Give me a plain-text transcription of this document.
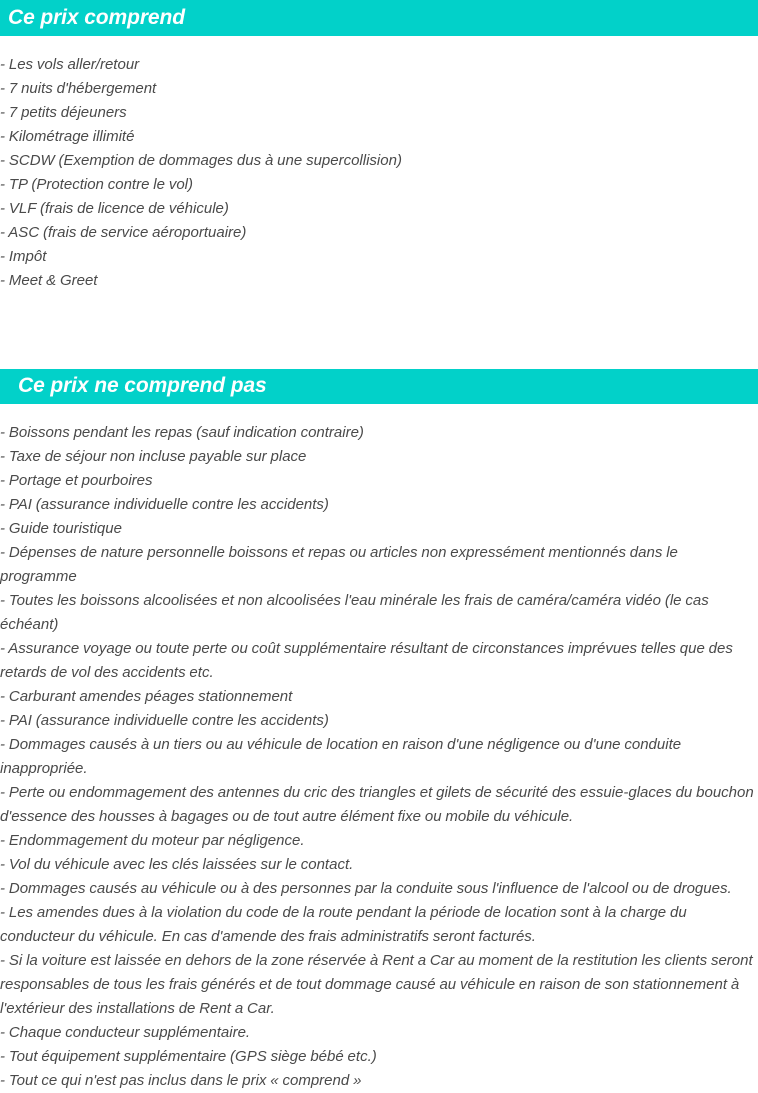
Ce prix comprend
- Les vols aller/retour
- 7 nuits d'hébergement
- 7 petits déjeuners
- Kilométrage illimité
- SCDW (Exemption de dommages dus à une supercollision)
- TP (Protection contre le vol)
- VLF (frais de licence de véhicule)
- ASC (frais de service aéroportuaire)
- Impôt
- Meet & Greet
Ce prix ne comprend pas
- Boissons pendant les repas (sauf indication contraire)
- Taxe de séjour non incluse payable sur place
- Portage et pourboires
- PAI (assurance individuelle contre les accidents)
- Guide touristique
- Dépenses de nature personnelle boissons et repas ou articles non expressément mentionnés dans le programme
- Toutes les boissons alcoolisées et non alcoolisées l'eau minérale les frais de caméra/caméra vidéo (le cas échéant)
- Assurance voyage ou toute perte ou coût supplémentaire résultant de circonstances imprévues telles que des retards de vol des accidents etc.
- Carburant amendes péages stationnement
- PAI (assurance individuelle contre les accidents)
- Dommages causés à un tiers ou au véhicule de location en raison d'une négligence ou d'une conduite inappropriée.
- Perte ou endommagement des antennes du cric des triangles et gilets de sécurité des essuie-glaces du bouchon d'essence des housses à bagages ou de tout autre élément fixe ou mobile du véhicule.
- Endommagement du moteur par négligence.
- Vol du véhicule avec les clés laissées sur le contact.
- Dommages causés au véhicule ou à des personnes par la conduite sous l'influence de l'alcool ou de drogues.
- Les amendes dues à la violation du code de la route pendant la période de location sont à la charge du conducteur du véhicule. En cas d'amende des frais administratifs seront facturés.
- Si la voiture est laissée en dehors de la zone réservée à Rent a Car au moment de la restitution les clients seront responsables de tous les frais générés et de tout dommage causé au véhicule en raison de son stationnement à l'extérieur des installations de Rent a Car.
- Chaque conducteur supplémentaire.
- Tout équipement supplémentaire (GPS siège bébé etc.)
- Tout ce qui n'est pas inclus dans le prix « comprend »
